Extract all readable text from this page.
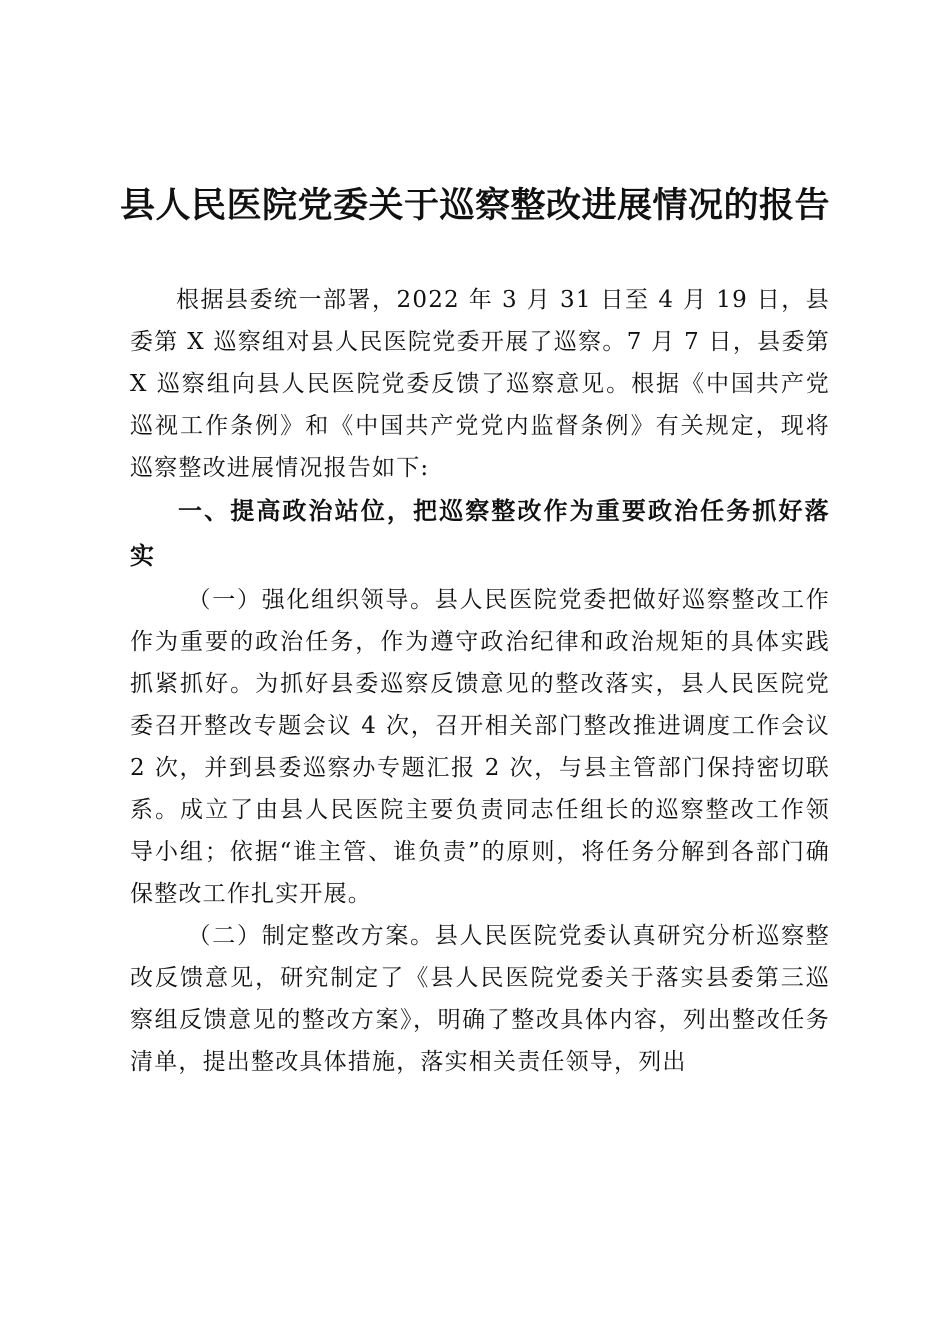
县人民医院党委关于巡察整改进展情况的报告

根据县委统一部署，2022 年 3 月 31 日至 4 月 19 日，县委第 X 巡察组对县人民医院党委开展了巡察。7 月 7 日，县委第 X 巡察组向县人民医院党委反馈了巡察意见。根据《中国共产党巡视工作条例》和《中国共产党党内监督条例》有关规定，现将巡察整改进展情况报告如下:

一、提高政治站位，把巡察整改作为重要政治任务抓好落实

（一）强化组织领导。县人民医院党委把做好巡察整改工作作为重要的政治任务，作为遵守政治纪律和政治规矩的具体实践抓紧抓好。为抓好县委巡察反馈意见的整改落实，县人民医院党委召开整改专题会议 4 次，召开相关部门整改推进调度工作会议 2 次，并到县委巡察办专题汇报 2 次，与县主管部门保持密切联系。成立了由县人民医院主要负责同志任组长的巡察整改工作领导小组；依据“谁主管、谁负责”的原则，将任务分解到各部门确保整改工作扎实开展。

（二）制定整改方案。县人民医院党委认真研究分析巡察整改反馈意见，研究制定了《县人民医院党委关于落实县委第三巡察组反馈意见的整改方案》，明确了整改具体内容，列出整改任务清单，提出整改具体措施，落实相关责任领导，列出
